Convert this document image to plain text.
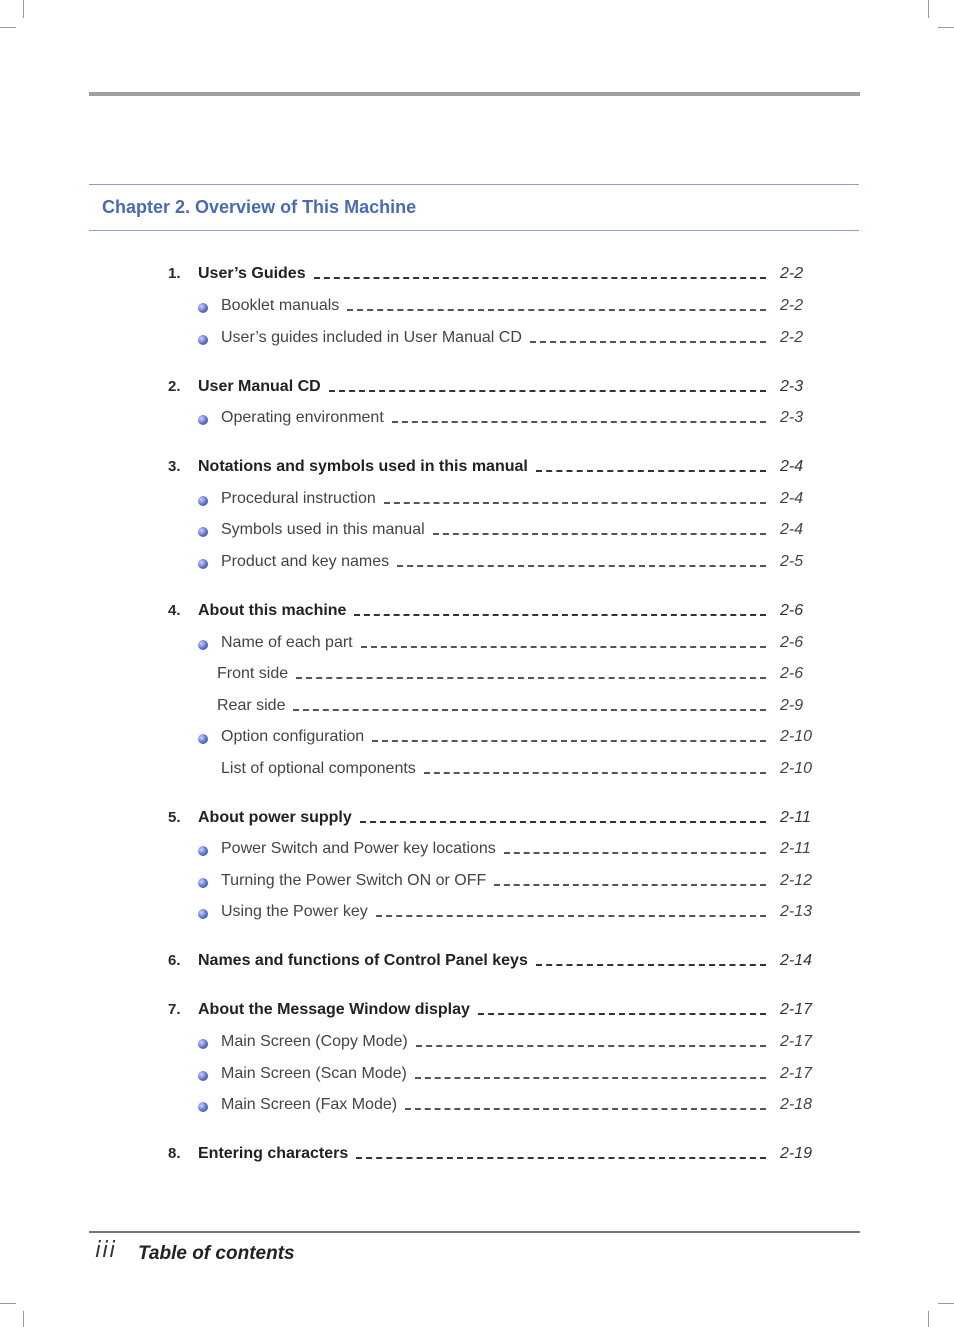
Chapter 2. Overview of This Machine
1. User’s Guides	2-2
Booklet manuals	2-2
User’s guides included in User Manual CD	2-2
2. User Manual CD	2-3
Operating environment	2-3
3. Notations and symbols used in this manual	2-4
Procedural instruction	2-4
Symbols used in this manual	2-4
Product and key names	2-5
4. About this machine	2-6
Name of each part	2-6
Front side	2-6
Rear side	2-9
Option configuration	2-10
List of optional components	2-10
5. About power supply	2-11
Power Switch and Power key locations	2-11
Turning the Power Switch ON or OFF	2-12
Using the Power key	2-13
6. Names and functions of Control Panel keys	2-14
7. About the Message Window display	2-17
Main Screen (Copy Mode)	2-17
Main Screen (Scan Mode)	2-17
Main Screen (Fax Mode)	2-18
8. Entering characters	2-19
iii Table of contents
